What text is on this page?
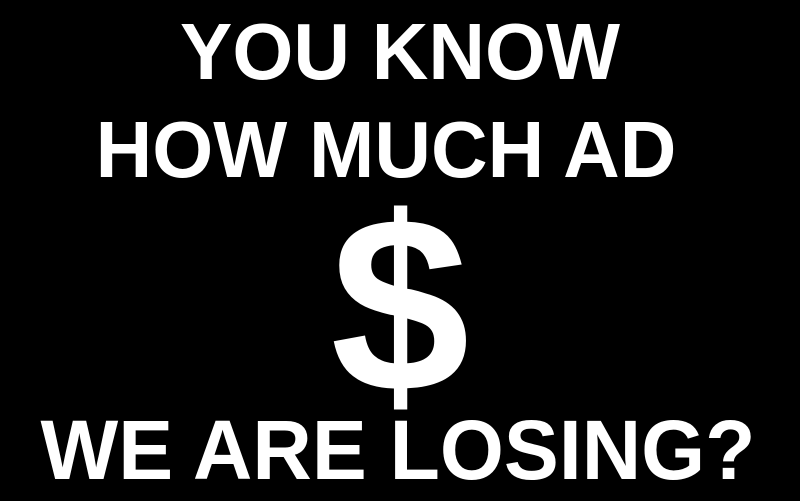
YOU KNOW
HOW MUCH AD
$
WE ARE LOSING?
